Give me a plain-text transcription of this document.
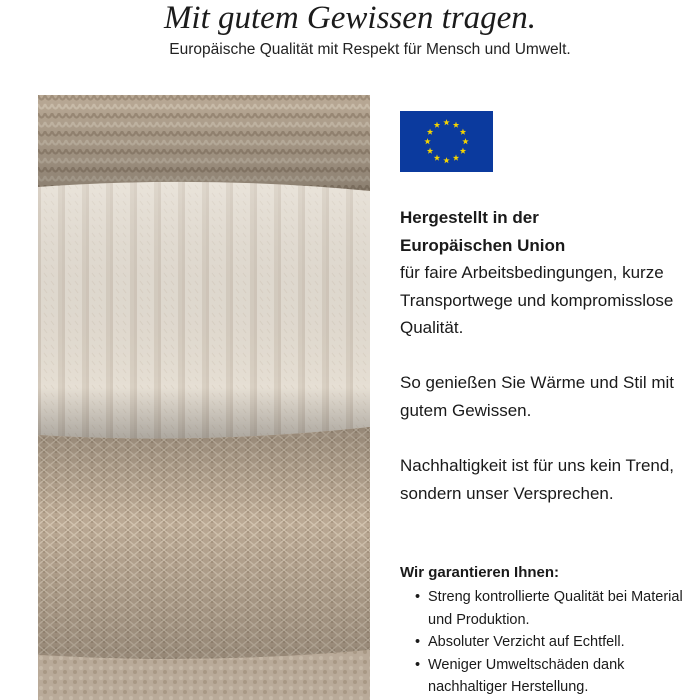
Mit gutem Gewissen tragen.
Europäische Qualität mit Respekt für Mensch und Umwelt.
Hergestellt in der
Europäischen Union
für faire Arbeitsbedingungen, kurze Transportwege und kompromisslose Qualität.
So genießen Sie Wärme und Stil mit gutem Gewissen.
Nachhaltigkeit ist für uns kein Trend, sondern unser Versprechen.
Wir garantieren Ihnen:
• Streng kontrollierte Qualität bei Material und Produktion.
• Absoluter Verzicht auf Echtfell.
• Weniger Umweltschäden dank nachhaltiger Herstellung.
